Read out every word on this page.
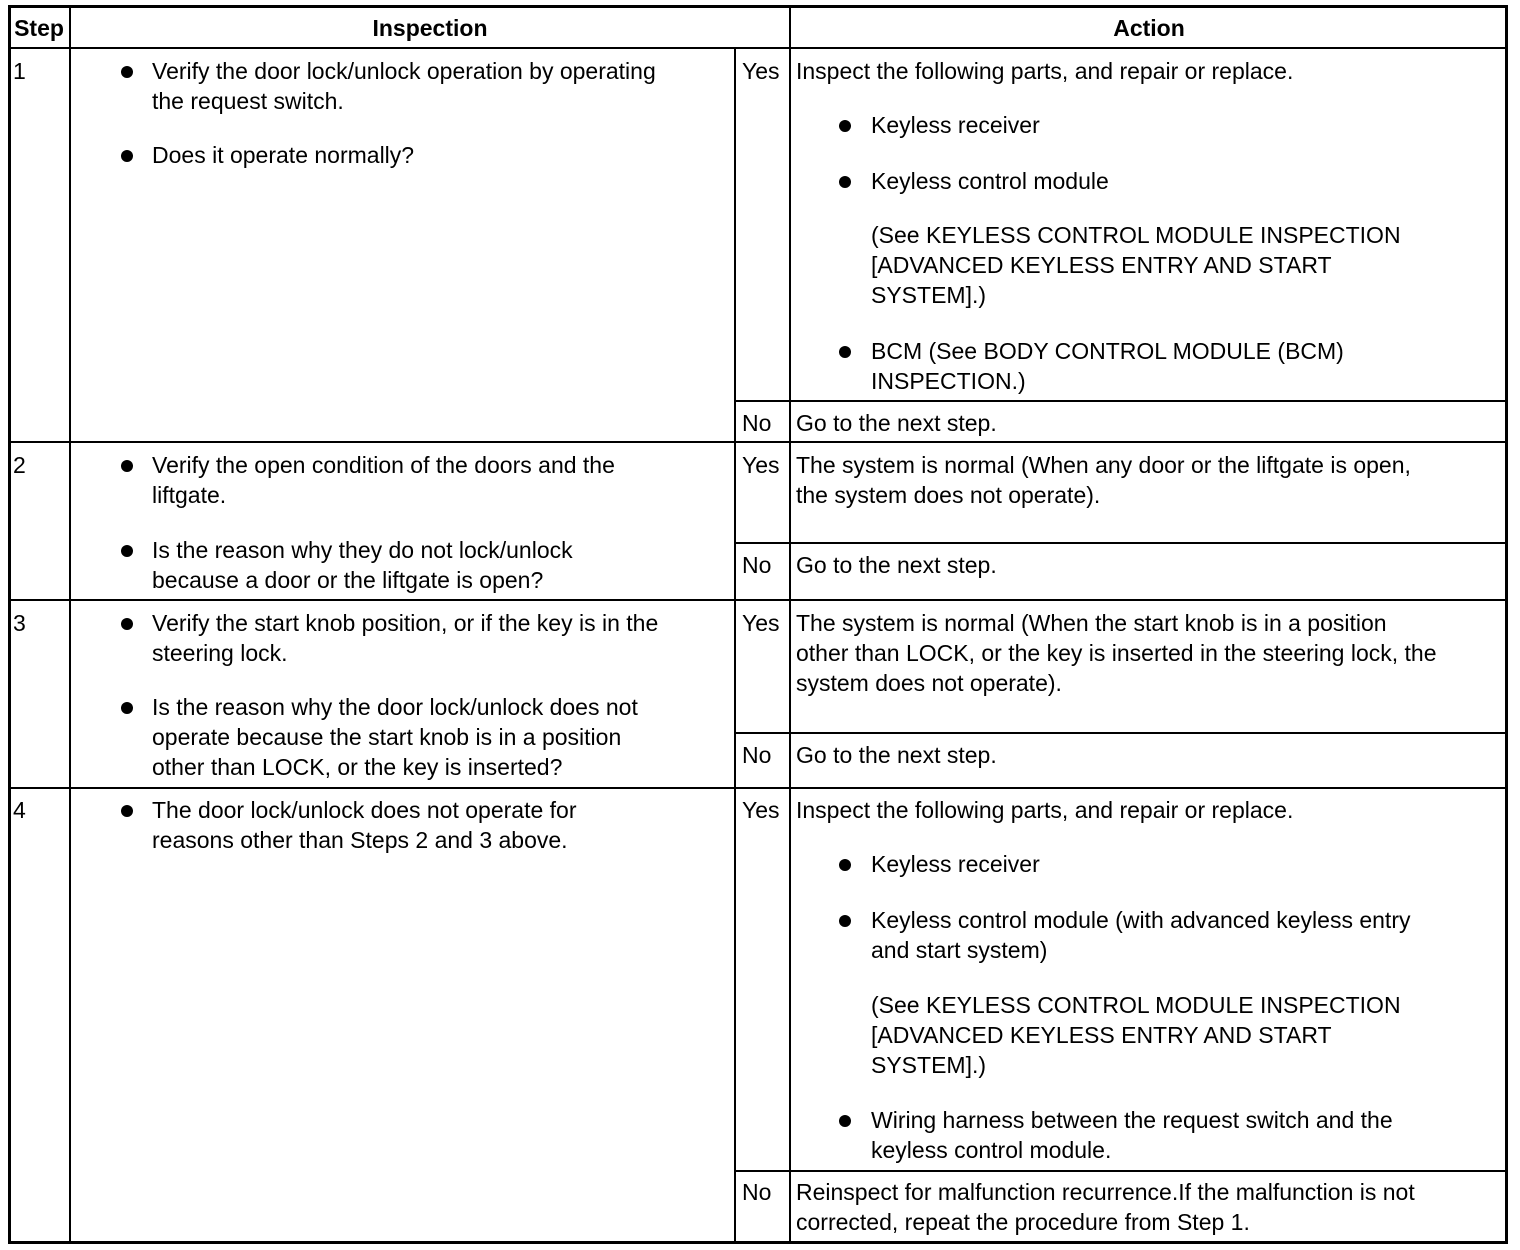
Step	Inspection	Action
1	Verify the door lock/unlock operation by operating
the request switch.
Does it operate normally?
Yes Inspect the following parts, and repair or replace.
Keyless receiver
Keyless control module
(See KEYLESS CONTROL MODULE INSPECTION
[ADVANCED KEYLESS ENTRY AND START
SYSTEM].)
BCM (See BODY CONTROL MODULE (BCM)
INSPECTION.)
No Go to the next step.
2	Verify the open condition of the doors and the
liftgate.
Is the reason why they do not lock/unlock
because a door or the liftgate is open?
Yes The system is normal (When any door or the liftgate is open,
the system does not operate).
No Go to the next step.
3	Verify the start knob position, or if the key is in the
steering lock.
Is the reason why the door lock/unlock does not
operate because the start knob is in a position
other than LOCK, or the key is inserted?
Yes The system is normal (When the start knob is in a position
other than LOCK, or the key is inserted in the steering lock, the
system does not operate).
No Go to the next step.
4	The door lock/unlock does not operate for
reasons other than Steps 2 and 3 above.
Yes Inspect the following parts, and repair or replace.
Keyless receiver
Keyless control module (with advanced keyless entry
and start system)
(See KEYLESS CONTROL MODULE INSPECTION
[ADVANCED KEYLESS ENTRY AND START
SYSTEM].)
Wiring harness between the request switch and the
keyless control module.
No Reinspect for malfunction recurrence.If the malfunction is not
corrected, repeat the procedure from Step 1.
